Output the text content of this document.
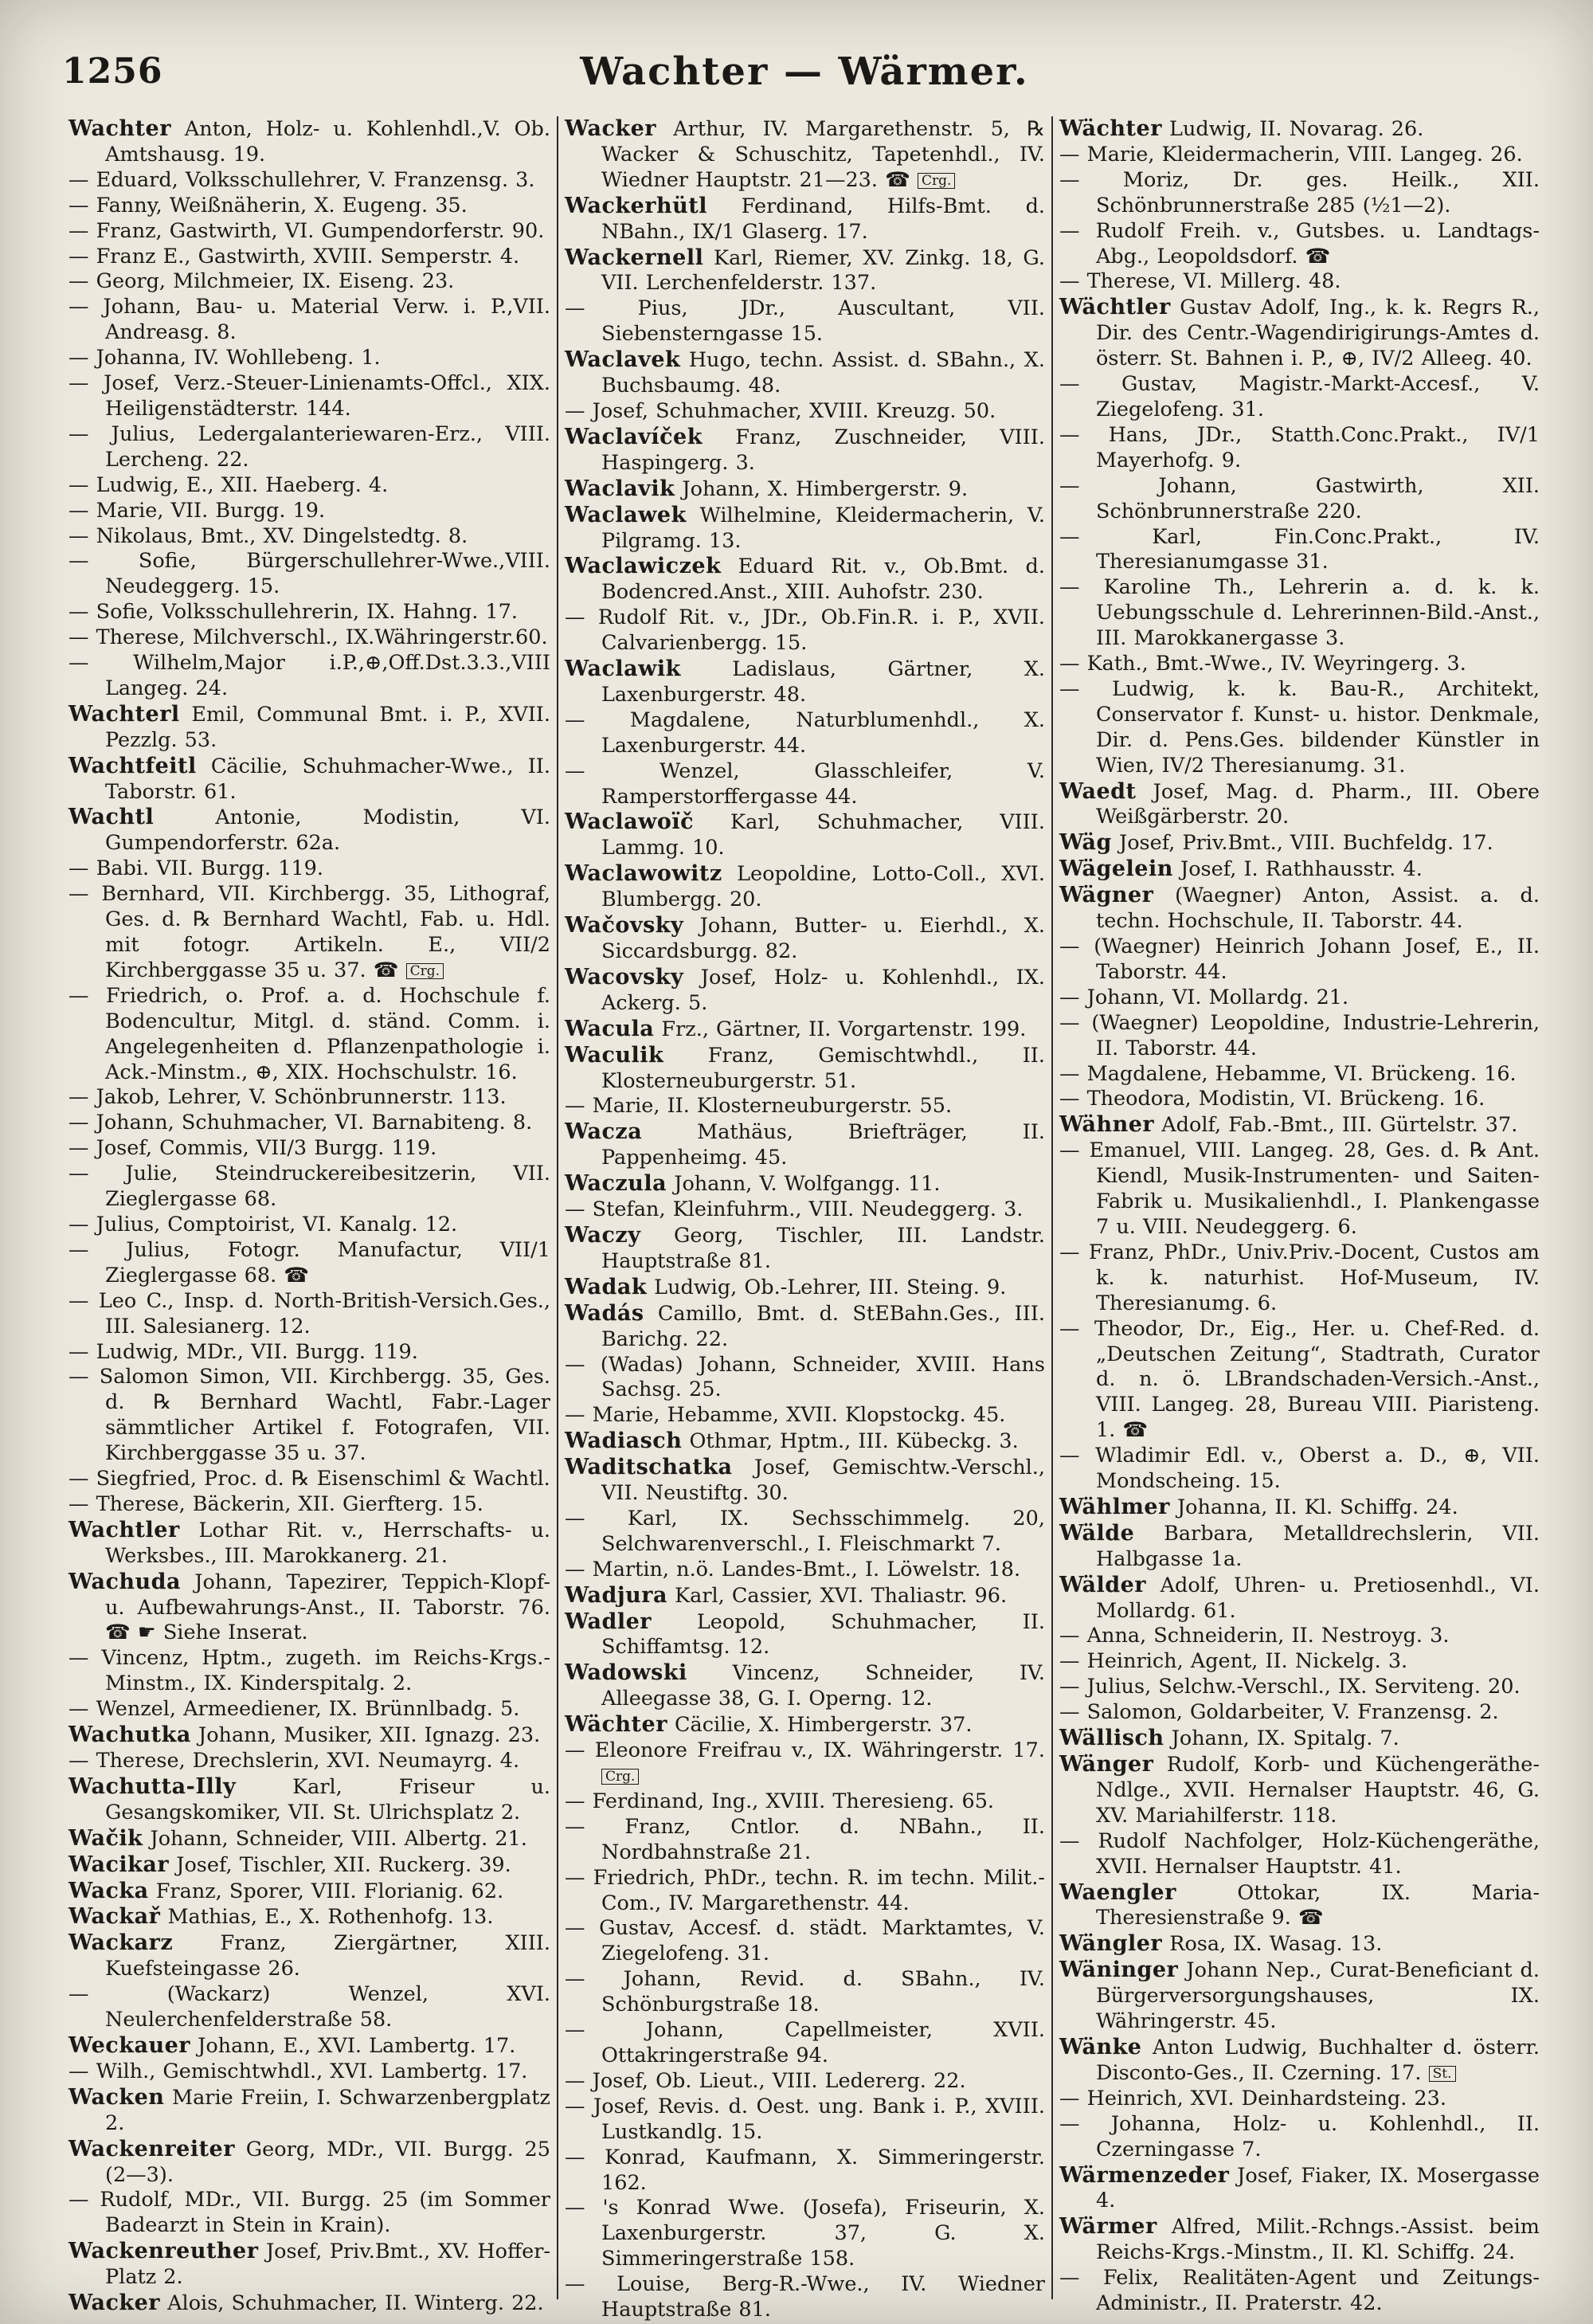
1256	Wachter — Wärmer.
Wachter Anton, Holz- u. Kohlenhdl.,V. Ob. Amtshausg. 19.
— Eduard, Volksschullehrer, V. Franzensg. 3.
— Fanny, Weißnäherin, X. Eugeng. 35.
— Franz, Gastwirth, VI. Gumpendorferstr. 90.
— Franz E., Gastwirth, XVIII. Semperstr. 4.
— Georg, Milchmeier, IX. Eiseng. 23.
— Johann, Bau- u. Material Verw. i. P.,VII. Andreasg. 8.
— Johanna, IV. Wohllebeng. 1.
— Josef, Verz.-Steuer-Linienamts-Offcl., XIX. Heiligenstädterstr. 144.
— Julius, Ledergalanteriewaren-Erz., VIII. Lercheng. 22.
— Ludwig, E., XII. Haeberg. 4.
— Marie, VII. Burgg. 19.
— Nikolaus, Bmt., XV. Dingelstedtg. 8.
— Sofie, Bürgerschullehrer-Wwe.,VIII. Neudeggerg. 15.
— Sofie, Volksschullehrerin, IX. Hahng. 17.
— Therese, Milchverschl., IX.Währingerstr.60.
— Wilhelm,Major i.P.,⊕,Off.Dst.3.3.,VIII Langeg. 24.
Wachterl Emil, Communal Bmt. i. P., XVII. Pezzlg. 53.
Wachtfeitl Cäcilie, Schuhmacher-Wwe., II. Taborstr. 61.
Wachtl Antonie, Modistin, VI. Gumpendorferstr. 62a.
— Babi. VII. Burgg. 119.
— Bernhard, VII. Kirchbergg. 35, Lithograf, Ges. d. ℞ Bernhard Wachtl, Fab. u. Hdl. mit fotogr. Artikeln. E., VII/2 Kirchberggasse 35 u. 37. ☎ Crg.
— Friedrich, o. Prof. a. d. Hochschule f. Bodencultur, Mitgl. d. ständ. Comm. i. Angelegenheiten d. Pflanzenpathologie i. Ack.-Minstm., ⊕, XIX. Hochschulstr. 16.
— Jakob, Lehrer, V. Schönbrunnerstr. 113.
— Johann, Schuhmacher, VI. Barnabiteng. 8.
— Josef, Commis, VII/3 Burgg. 119.
— Julie, Steindruckereibesitzerin, VII. Zieglergasse 68.
— Julius, Comptoirist, VI. Kanalg. 12.
— Julius, Fotogr. Manufactur, VII/1 Zieglergasse 68. ☎
— Leo C., Insp. d. North-British-Versich.Ges., III. Salesianerg. 12.
— Ludwig, MDr., VII. Burgg. 119.
— Salomon Simon, VII. Kirchbergg. 35, Ges. d. ℞ Bernhard Wachtl, Fabr.-Lager sämmtlicher Artikel f. Fotografen, VII. Kirchberggasse 35 u. 37.
— Siegfried, Proc. d. ℞ Eisenschiml & Wachtl.
— Therese, Bäckerin, XII. Gierfterg. 15.
Wachtler Lothar Rit. v., Herrschafts- u. Werksbes., III. Marokkanerg. 21.
Wachuda Johann, Tapezirer, Teppich-Klopf- u. Aufbewahrungs-Anst., II. Taborstr. 76. ☎ ☛ Siehe Inserat.
— Vincenz, Hptm., zugeth. im Reichs-Krgs.-Minstm., IX. Kinderspitalg. 2.
— Wenzel, Armeediener, IX. Brünnlbadg. 5.
Wachutka Johann, Musiker, XII. Ignazg. 23.
— Therese, Drechslerin, XVI. Neumayrg. 4.
Wachutta-Illy Karl, Friseur u. Gesangskomiker, VII. St. Ulrichsplatz 2.
Wačik Johann, Schneider, VIII. Albertg. 21.
Wacikar Josef, Tischler, XII. Ruckerg. 39.
Wacka Franz, Sporer, VIII. Florianig. 62.
Wackař Mathias, E., X. Rothenhofg. 13.
Wackarz Franz, Ziergärtner, XIII. Kuefsteingasse 26.
— (Wackarz) Wenzel, XVI. Neulerchenfelderstraße 58.
Weckauer Johann, E., XVI. Lambertg. 17.
— Wilh., Gemischtwhdl., XVI. Lambertg. 17.
Wacken Marie Freiin, I. Schwarzenbergplatz 2.
Wackenreiter Georg, MDr., VII. Burgg. 25 (2—3).
— Rudolf, MDr., VII. Burgg. 25 (im Sommer Badearzt in Stein in Krain).
Wackenreuther Josef, Priv.Bmt., XV. Hoffer-Platz 2.
Wacker Alois, Schuhmacher, II. Winterg. 22.
Wacker Arthur, IV. Margarethenstr. 5, ℞ Wacker & Schuschitz, Tapetenhdl., IV. Wiedner Hauptstr. 21—23. ☎ Crg.
Wackerhütl Ferdinand, Hilfs-Bmt. d. NBahn., IX/1 Glaserg. 17.
Wackernell Karl, Riemer, XV. Zinkg. 18, G. VII. Lerchenfelderstr. 137.
— Pius, JDr., Auscultant, VII. Siebensterngasse 15.
Waclavek Hugo, techn. Assist. d. SBahn., X. Buchsbaumg. 48.
— Josef, Schuhmacher, XVIII. Kreuzg. 50.
Waclavíček Franz, Zuschneider, VIII. Haspingerg. 3.
Waclavik Johann, X. Himbergerstr. 9.
Waclawek Wilhelmine, Kleidermacherin, V. Pilgramg. 13.
Waclawiczek Eduard Rit. v., Ob.Bmt. d. Bodencred.Anst., XIII. Auhofstr. 230.
— Rudolf Rit. v., JDr., Ob.Fin.R. i. P., XVII. Calvarienbergg. 15.
Waclawik Ladislaus, Gärtner, X. Laxenburgerstr. 48.
— Magdalene, Naturblumenhdl., X. Laxenburgerstr. 44.
— Wenzel, Glasschleifer, V. Ramperstorffergasse 44.
Waclawoïč Karl, Schuhmacher, VIII. Lammg. 10.
Waclawowitz Leopoldine, Lotto-Coll., XVI. Blumbergg. 20.
Wačovsky Johann, Butter- u. Eierhdl., X. Siccardsburgg. 82.
Wacovsky Josef, Holz- u. Kohlenhdl., IX. Ackerg. 5.
Wacula Frz., Gärtner, II. Vorgartenstr. 199.
Waculik Franz, Gemischtwhdl., II. Klosterneuburgerstr. 51.
— Marie, II. Klosterneuburgerstr. 55.
Wacza Mathäus, Briefträger, II. Pappenheimg. 45.
Waczula Johann, V. Wolfgangg. 11.
— Stefan, Kleinfuhrm., VIII. Neudeggerg. 3.
Waczy Georg, Tischler, III. Landstr. Hauptstraße 81.
Wadak Ludwig, Ob.-Lehrer, III. Steing. 9.
Wadás Camillo, Bmt. d. StEBahn.Ges., III. Barichg. 22.
— (Wadas) Johann, Schneider, XVIII. Hans Sachsg. 25.
— Marie, Hebamme, XVII. Klopstockg. 45.
Wadiasch Othmar, Hptm., III. Kübeckg. 3.
Waditschatka Josef, Gemischtw.-Verschl., VII. Neustiftg. 30.
— Karl, IX. Sechsschimmelg. 20, Selchwarenverschl., I. Fleischmarkt 7.
— Martin, n.ö. Landes-Bmt., I. Löwelstr. 18.
Wadjura Karl, Cassier, XVI. Thaliastr. 96.
Wadler Leopold, Schuhmacher, II. Schiffamtsg. 12.
Wadowski Vincenz, Schneider, IV. Alleegasse 38, G. I. Operng. 12.
Wächter Cäcilie, X. Himbergerstr. 37.
— Eleonore Freifrau v., IX. Währingerstr. 17. Crg.
— Ferdinand, Ing., XVIII. Theresieng. 65.
— Franz, Cntlor. d. NBahn., II. Nordbahnstraße 21.
— Friedrich, PhDr., techn. R. im techn. Milit.-Com., IV. Margarethenstr. 44.
— Gustav, Accesf. d. städt. Marktamtes, V. Ziegelofeng. 31.
— Johann, Revid. d. SBahn., IV. Schönburgstraße 18.
— Johann, Capellmeister, XVII. Ottakringerstraße 94.
— Josef, Ob. Lieut., VIII. Ledererg. 22.
— Josef, Revis. d. Oest. ung. Bank i. P., XVIII. Lustkandlg. 15.
— Konrad, Kaufmann, X. Simmeringerstr. 162.
— 's Konrad Wwe. (Josefa), Friseurin, X. Laxenburgerstr. 37, G. X. Simmeringerstraße 158.
— Louise, Berg-R.-Wwe., IV. Wiedner Hauptstraße 81.
Wächter Ludwig, II. Novarag. 26.
— Marie, Kleidermacherin, VIII. Langeg. 26.
— Moriz, Dr. ges. Heilk., XII. Schönbrunnerstraße 285 (½1—2).
— Rudolf Freih. v., Gutsbes. u. Landtags-Abg., Leopoldsdorf. ☎
— Therese, VI. Millerg. 48.
Wächtler Gustav Adolf, Ing., k. k. Regrs R., Dir. des Centr.-Wagendirigirungs-Amtes d. österr. St. Bahnen i. P., ⊕, IV/2 Alleeg. 40.
— Gustav, Magistr.-Markt-Accesf., V. Ziegelofeng. 31.
— Hans, JDr., Statth.Conc.Prakt., IV/1 Mayerhofg. 9.
— Johann, Gastwirth, XII. Schönbrunnerstraße 220.
— Karl, Fin.Conc.Prakt., IV. Theresianumgasse 31.
— Karoline Th., Lehrerin a. d. k. k. Uebungsschule d. Lehrerinnen-Bild.-Anst., III. Marokkanergasse 3.
— Kath., Bmt.-Wwe., IV. Weyringerg. 3.
— Ludwig, k. k. Bau-R., Architekt, Conservator f. Kunst- u. histor. Denkmale, Dir. d. Pens.Ges. bildender Künstler in Wien, IV/2 Theresianumg. 31.
Waedt Josef, Mag. d. Pharm., III. Obere Weißgärberstr. 20.
Wäg Josef, Priv.Bmt., VIII. Buchfeldg. 17.
Wägelein Josef, I. Rathhausstr. 4.
Wägner (Waegner) Anton, Assist. a. d. techn. Hochschule, II. Taborstr. 44.
— (Waegner) Heinrich Johann Josef, E., II. Taborstr. 44.
— Johann, VI. Mollardg. 21.
— (Waegner) Leopoldine, Industrie-Lehrerin, II. Taborstr. 44.
— Magdalene, Hebamme, VI. Brückeng. 16.
— Theodora, Modistin, VI. Brückeng. 16.
Wähner Adolf, Fab.-Bmt., III. Gürtelstr. 37.
— Emanuel, VIII. Langeg. 28, Ges. d. ℞ Ant. Kiendl, Musik-Instrumenten- und Saiten-Fabrik u. Musikalienhdl., I. Plankengasse 7 u. VIII. Neudeggerg. 6.
— Franz, PhDr., Univ.Priv.-Docent, Custos am k. k. naturhist. Hof-Museum, IV. Theresianumg. 6.
— Theodor, Dr., Eig., Her. u. Chef-Red. d. „Deutschen Zeitung“, Stadtrath, Curator d. n. ö. LBrandschaden-Versich.-Anst., VIII. Langeg. 28, Bureau VIII. Piaristeng. 1. ☎
— Wladimir Edl. v., Oberst a. D., ⊕, VII. Mondscheing. 15.
Wählmer Johanna, II. Kl. Schiffg. 24.
Wälde Barbara, Metalldrechslerin, VII. Halbgasse 1a.
Wälder Adolf, Uhren- u. Pretiosenhdl., VI. Mollardg. 61.
— Anna, Schneiderin, II. Nestroyg. 3.
— Heinrich, Agent, II. Nickelg. 3.
— Julius, Selchw.-Verschl., IX. Serviteng. 20.
— Salomon, Goldarbeiter, V. Franzensg. 2.
Wällisch Johann, IX. Spitalg. 7.
Wänger Rudolf, Korb- und Küchengeräthe-Ndlge., XVII. Hernalser Hauptstr. 46, G. XV. Mariahilferstr. 118.
— Rudolf Nachfolger, Holz-Küchengeräthe, XVII. Hernalser Hauptstr. 41.
Waengler Ottokar, IX. Maria-Theresienstraße 9. ☎
Wängler Rosa, IX. Wasag. 13.
Wäninger Johann Nep., Curat-Beneficiant d. Bürgerversorgungshauses, IX. Währingerstr. 45.
Wänke Anton Ludwig, Buchhalter d. österr. Disconto-Ges., II. Czerning. 17. St.
— Heinrich, XVI. Deinhardsteing. 23.
— Johanna, Holz- u. Kohlenhdl., II. Czerningasse 7.
Wärmenzeder Josef, Fiaker, IX. Mosergasse 4.
Wärmer Alfred, Milit.-Rchngs.-Assist. beim Reichs-Krgs.-Minstm., II. Kl. Schiffg. 24.
— Felix, Realitäten-Agent und Zeitungs-Administr., II. Praterstr. 42.
